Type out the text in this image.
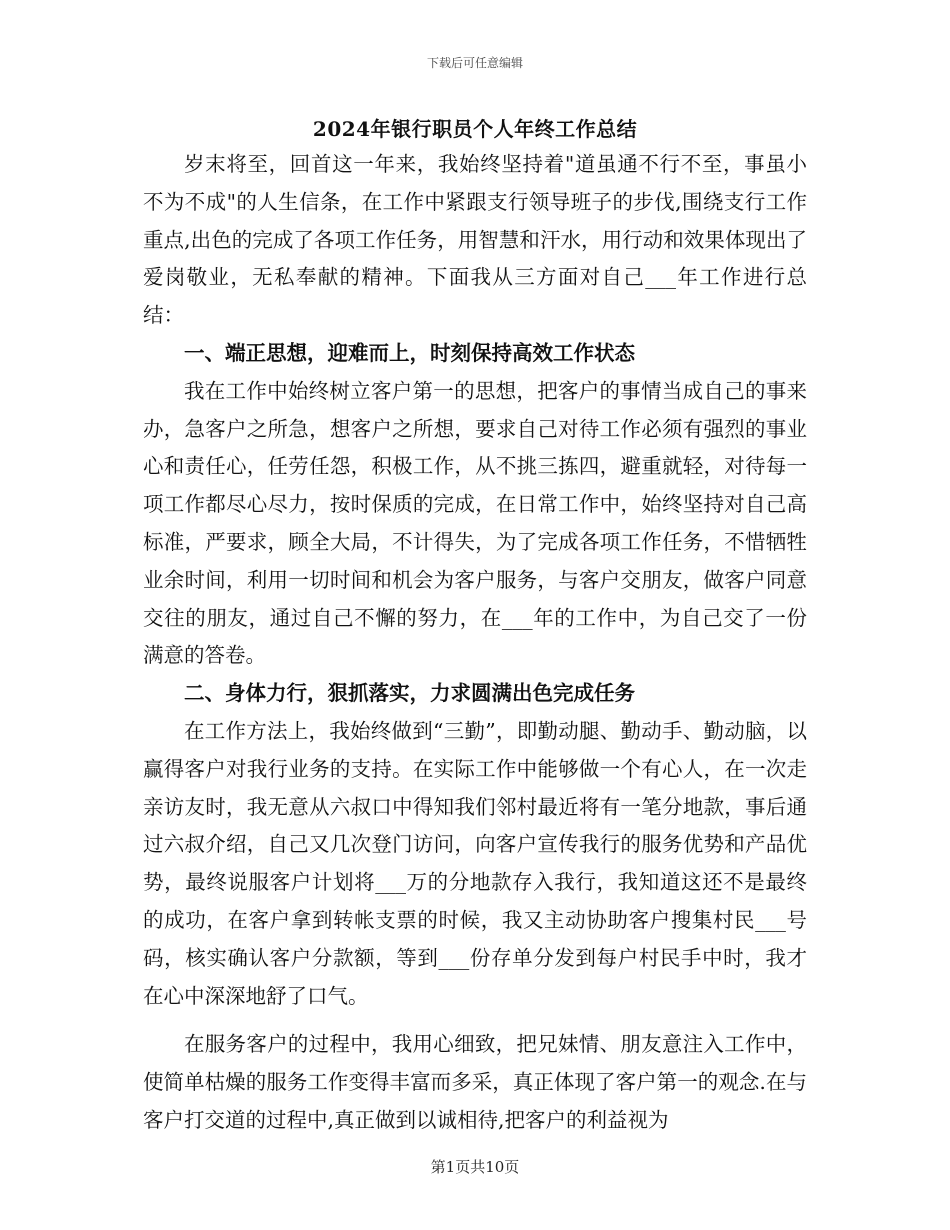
下载后可任意编辑
2024年银行职员个人年终工作总结

岁末将至，回首这一年来，我始终坚持着"道虽通不行不至，事虽小不为不成"的人生信条，在工作中紧跟支行领导班子的步伐,围绕支行工作重点,出色的完成了各项工作任务，用智慧和汗水，用行动和效果体现出了爱岗敬业，无私奉献的精神。下面我从三方面对自己___年工作进行总结：

一、端正思想，迎难而上，时刻保持高效工作状态

我在工作中始终树立客户第一的思想，把客户的事情当成自己的事来办，急客户之所急，想客户之所想，要求自己对待工作必须有强烈的事业心和责任心，任劳任怨，积极工作，从不挑三拣四，避重就轻，对待每一项工作都尽心尽力，按时保质的完成，在日常工作中，始终坚持对自己高标准，严要求，顾全大局，不计得失，为了完成各项工作任务，不惜牺牲业余时间，利用一切时间和机会为客户服务，与客户交朋友，做客户同意交往的朋友，通过自己不懈的努力，在___年的工作中，为自己交了一份满意的答卷。

二、身体力行，狠抓落实，力求圆满出色完成任务

在工作方法上，我始终做到“三勤”，即勤动腿、勤动手、勤动脑，以赢得客户对我行业务的支持。在实际工作中能够做一个有心人，在一次走亲访友时，我无意从六叔口中得知我们邻村最近将有一笔分地款，事后通过六叔介绍，自己又几次登门访问，向客户宣传我行的服务优势和产品优势，最终说服客户计划将___万的分地款存入我行，我知道这还不是最终的成功，在客户拿到转帐支票的时候，我又主动协助客户搜集村民___号码，核实确认客户分款额，等到___份存单分发到每户村民手中时，我才在心中深深地舒了口气。

在服务客户的过程中，我用心细致，把兄妹情、朋友意注入工作中，使简单枯燥的服务工作变得丰富而多采，真正体现了客户第一的观念.在与客户打交道的过程中,真正做到以诚相待,把客户的利益视为

第1页共10页
